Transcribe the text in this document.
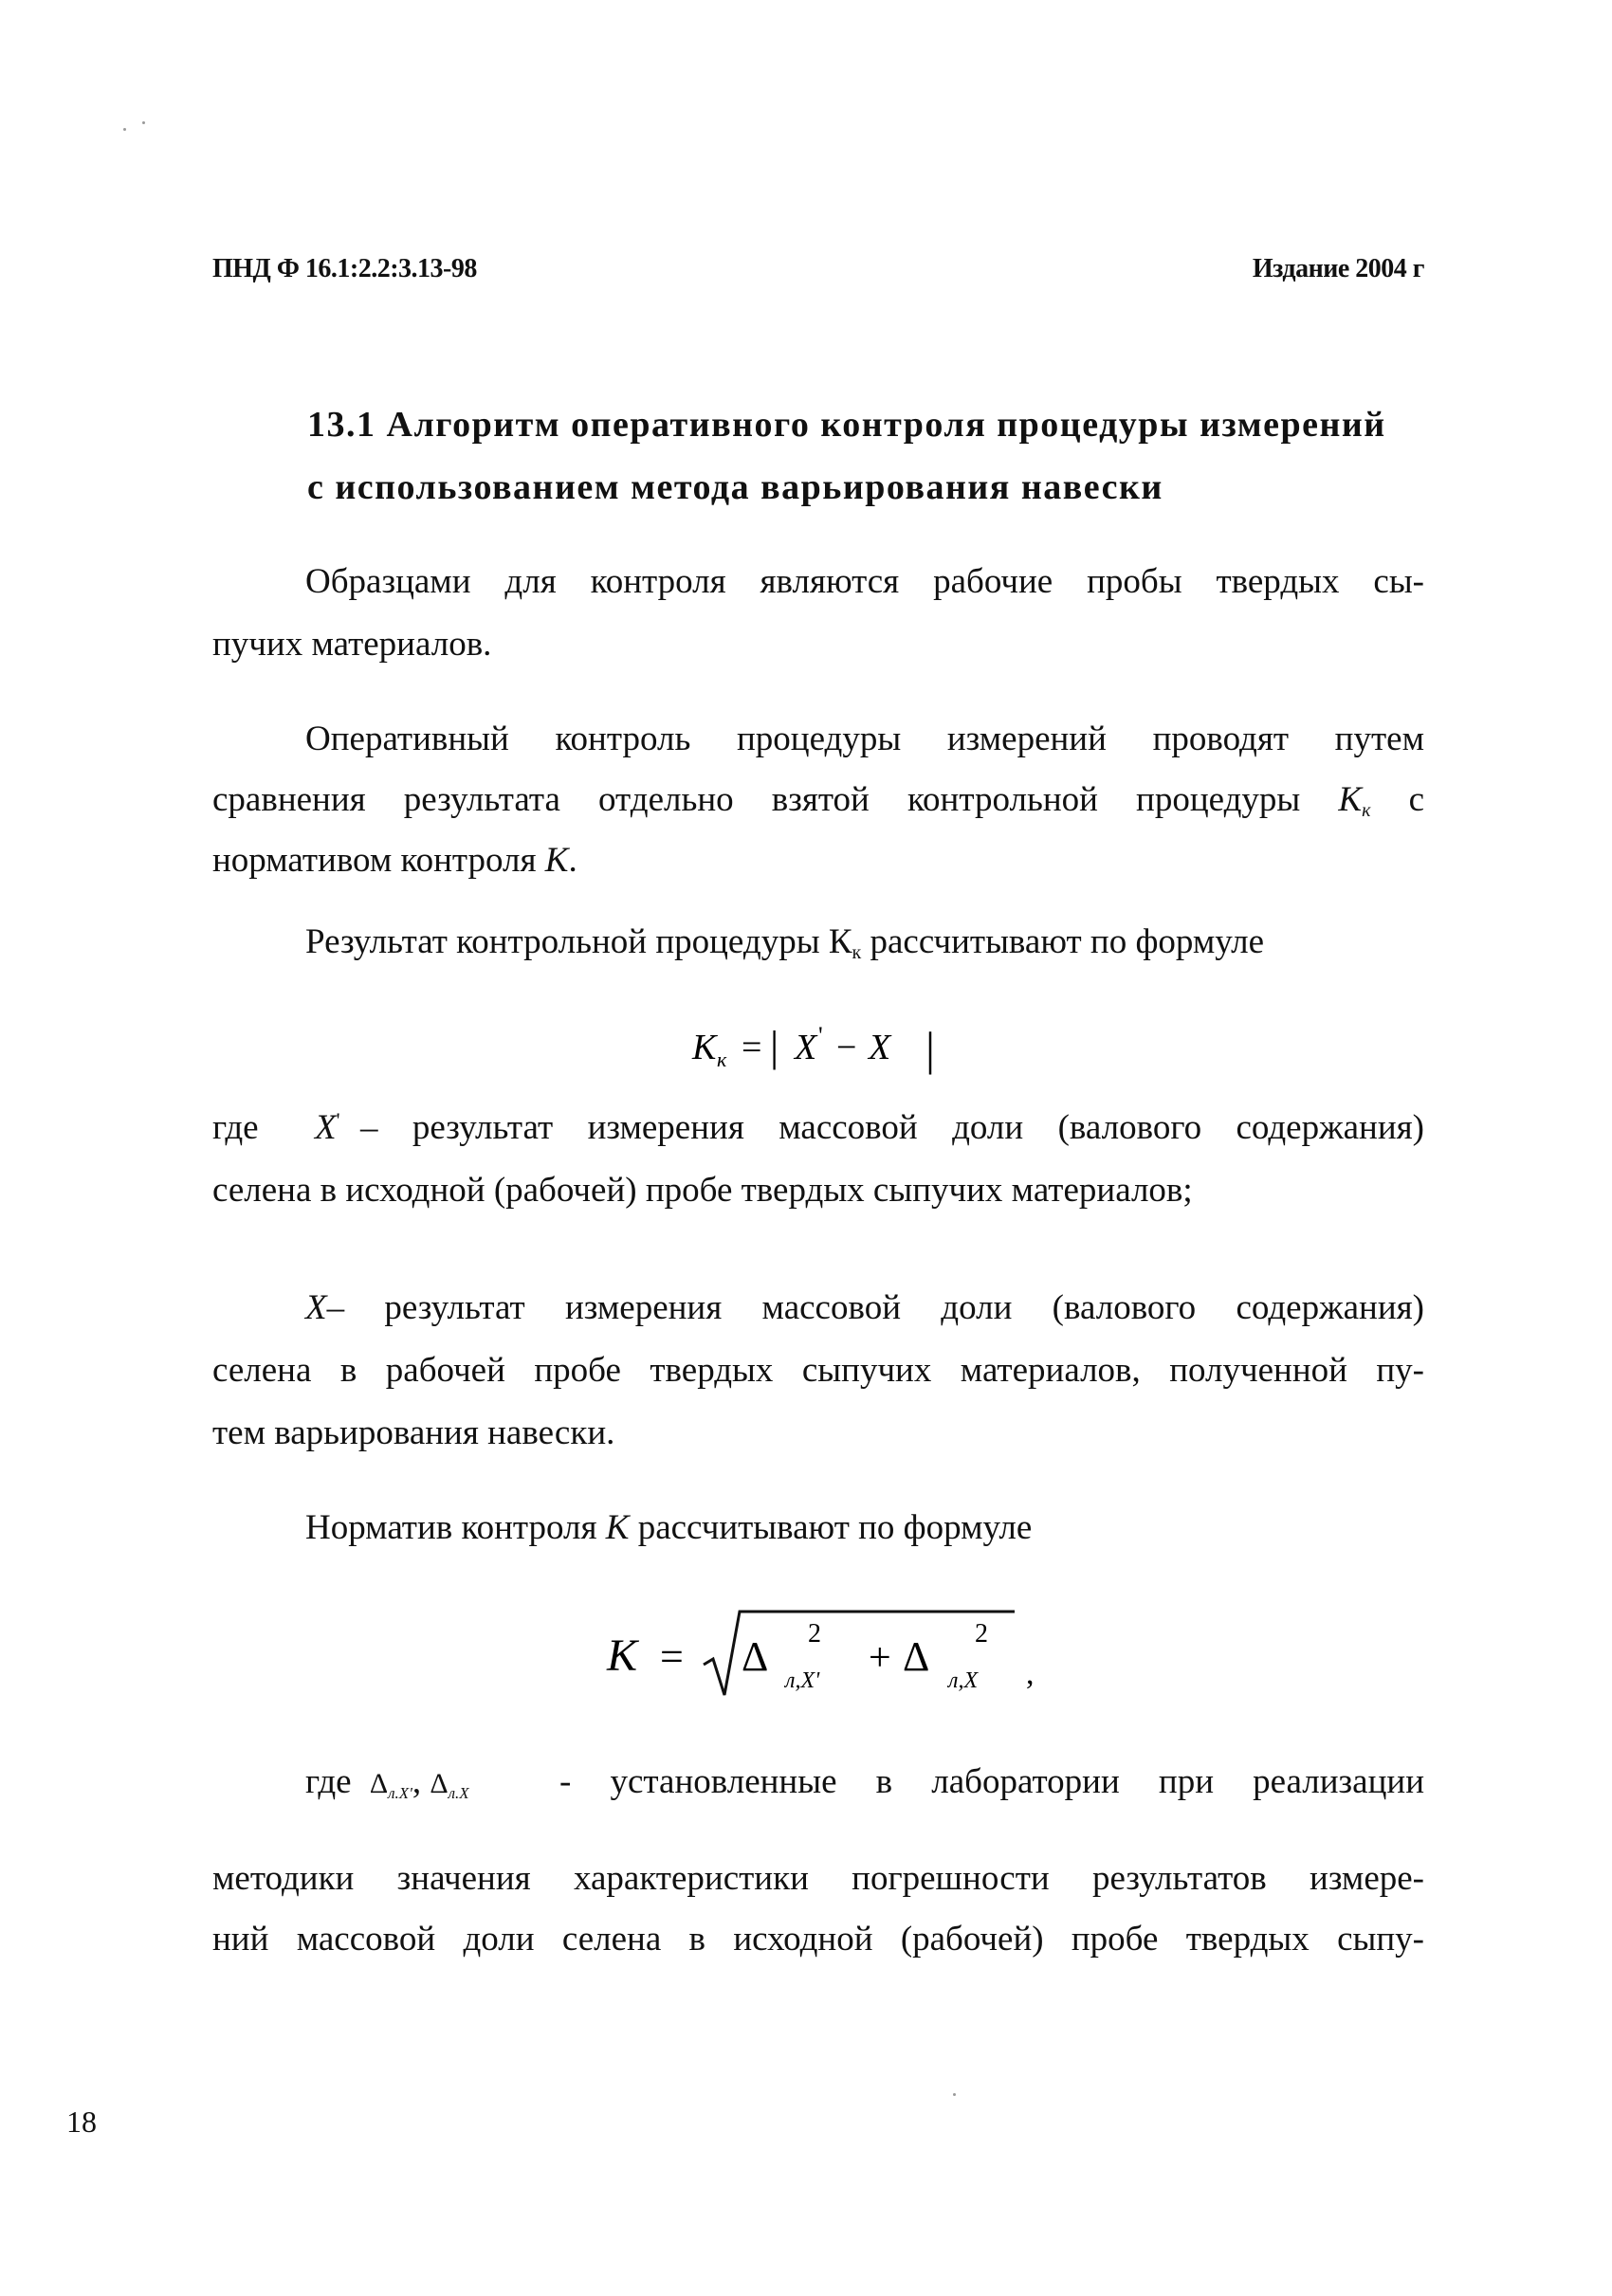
ПНД Ф 16.1:2.2:3.13-98	Издание 2004 г
13.1 Алгоритм оперативного контроля процедуры измерений
с использованием метода варьирования навески
Образцами для контроля являются рабочие пробы твердых сы-
пучих материалов.
Оперативный контроль процедуры измерений проводят путем
сравнения результата отдельно взятой контрольной процедуры $K_к$ с
нормативом контроля K.
Результат контрольной процедуры $К_к$ рассчитывают по формуле
K к = | X ' − X |
где X' – результат измерения массовой доли (валового содержания)
селена в исходной (рабочей) пробе твердых сыпучих материалов;
X– результат измерения массовой доли (валового содержания)
селена в рабочей пробе твердых сыпучих материалов, полученной пу-
тем варьирования навески.
Норматив контроля K рассчитывают по формуле
K = Δ 2
л,X'
+ Δ 2
л,X ,
где $\Delta_{л.X'}$, $\Delta_{л.X}$	- установленные в лаборатории при реализации
методики значения характеристики погрешности результатов измере-
ний массовой доли селена в исходной (рабочей) пробе твердых сыпу-
18
